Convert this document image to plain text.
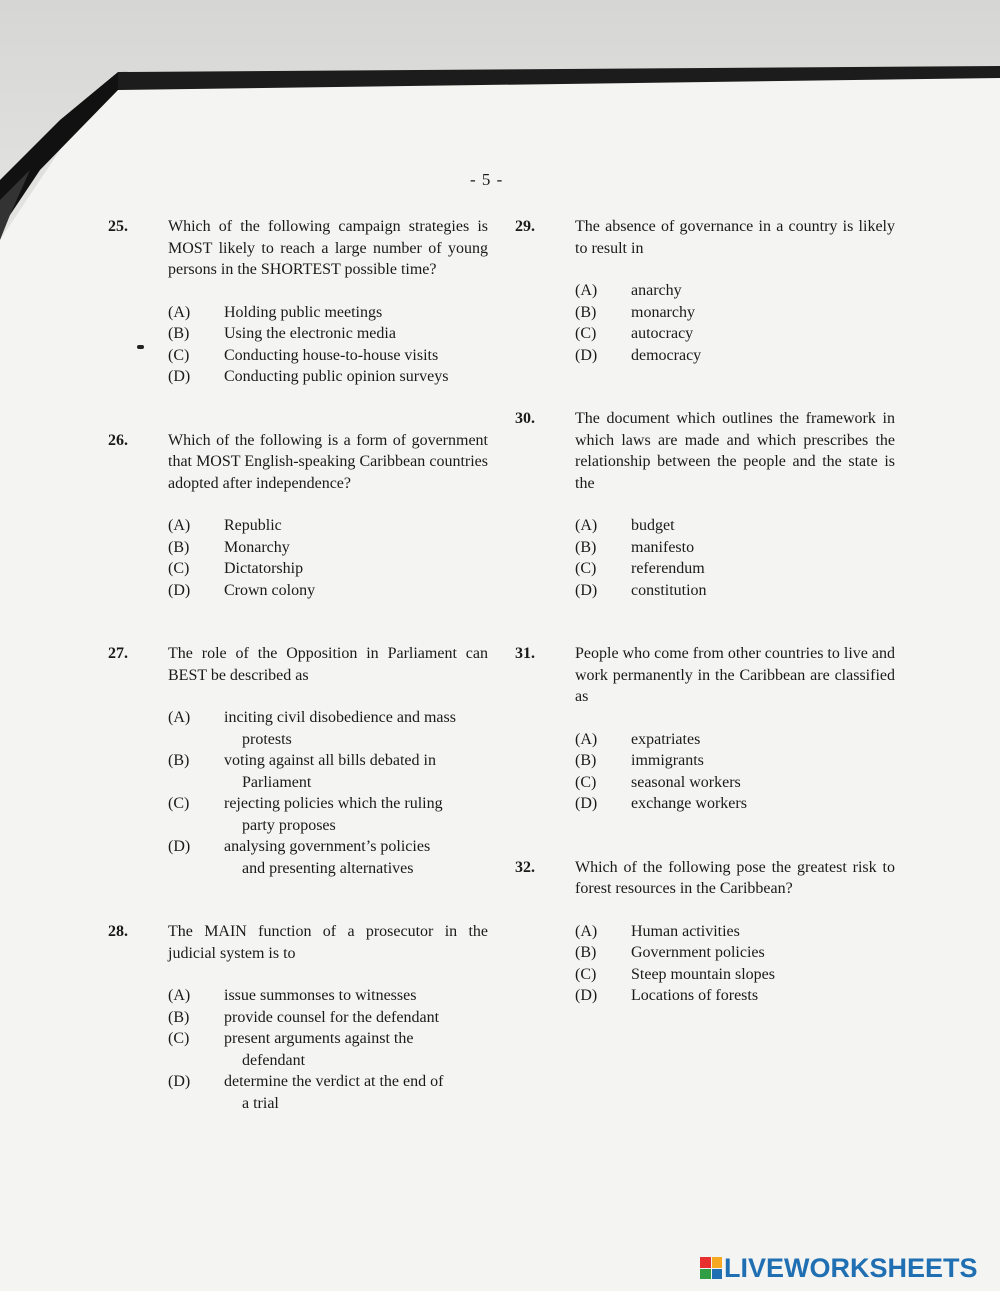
- 5 -
25.	Which of the following campaign strategies is MOST likely to reach a large number of young persons in the SHORTEST possible time?
(A) Holding public meetings
(B) Using the electronic media
(C) Conducting house-to-house visits
(D) Conducting public opinion surveys
26.	Which of the following is a form of government that MOST English-speaking Caribbean countries adopted after independence?
(A) Republic
(B) Monarchy
(C) Dictatorship
(D) Crown colony
27.	The role of the Opposition in Parliament can BEST be described as
(A) inciting civil disobedience and mass
protests
(B) voting against all bills debated in
Parliament
(C) rejecting policies which the ruling
party proposes
(D) analysing government’s policies
and presenting alternatives
28.	The MAIN function of a prosecutor in the judicial system is to
(A) issue summonses to witnesses
(B) provide counsel for the defendant
(C) present arguments against the
defendant
(D) determine the verdict at the end of
a trial
29.	The absence of governance in a country is likely to result in
(A) anarchy
(B) monarchy
(C) autocracy
(D) democracy
30.	The document which outlines the framework in which laws are made and which prescribes the relationship between the people and the state is the
(A) budget
(B) manifesto
(C) referendum
(D) constitution
31.	People who come from other countries to live and work permanently in the Caribbean are classified as
(A) expatriates
(B) immigrants
(C) seasonal workers
(D) exchange workers
32.	Which of the following pose the greatest risk to forest resources in the Caribbean?
(A) Human activities
(B) Government policies
(C) Steep mountain slopes
(D) Locations of forests
LIVEWORKSHEETS
